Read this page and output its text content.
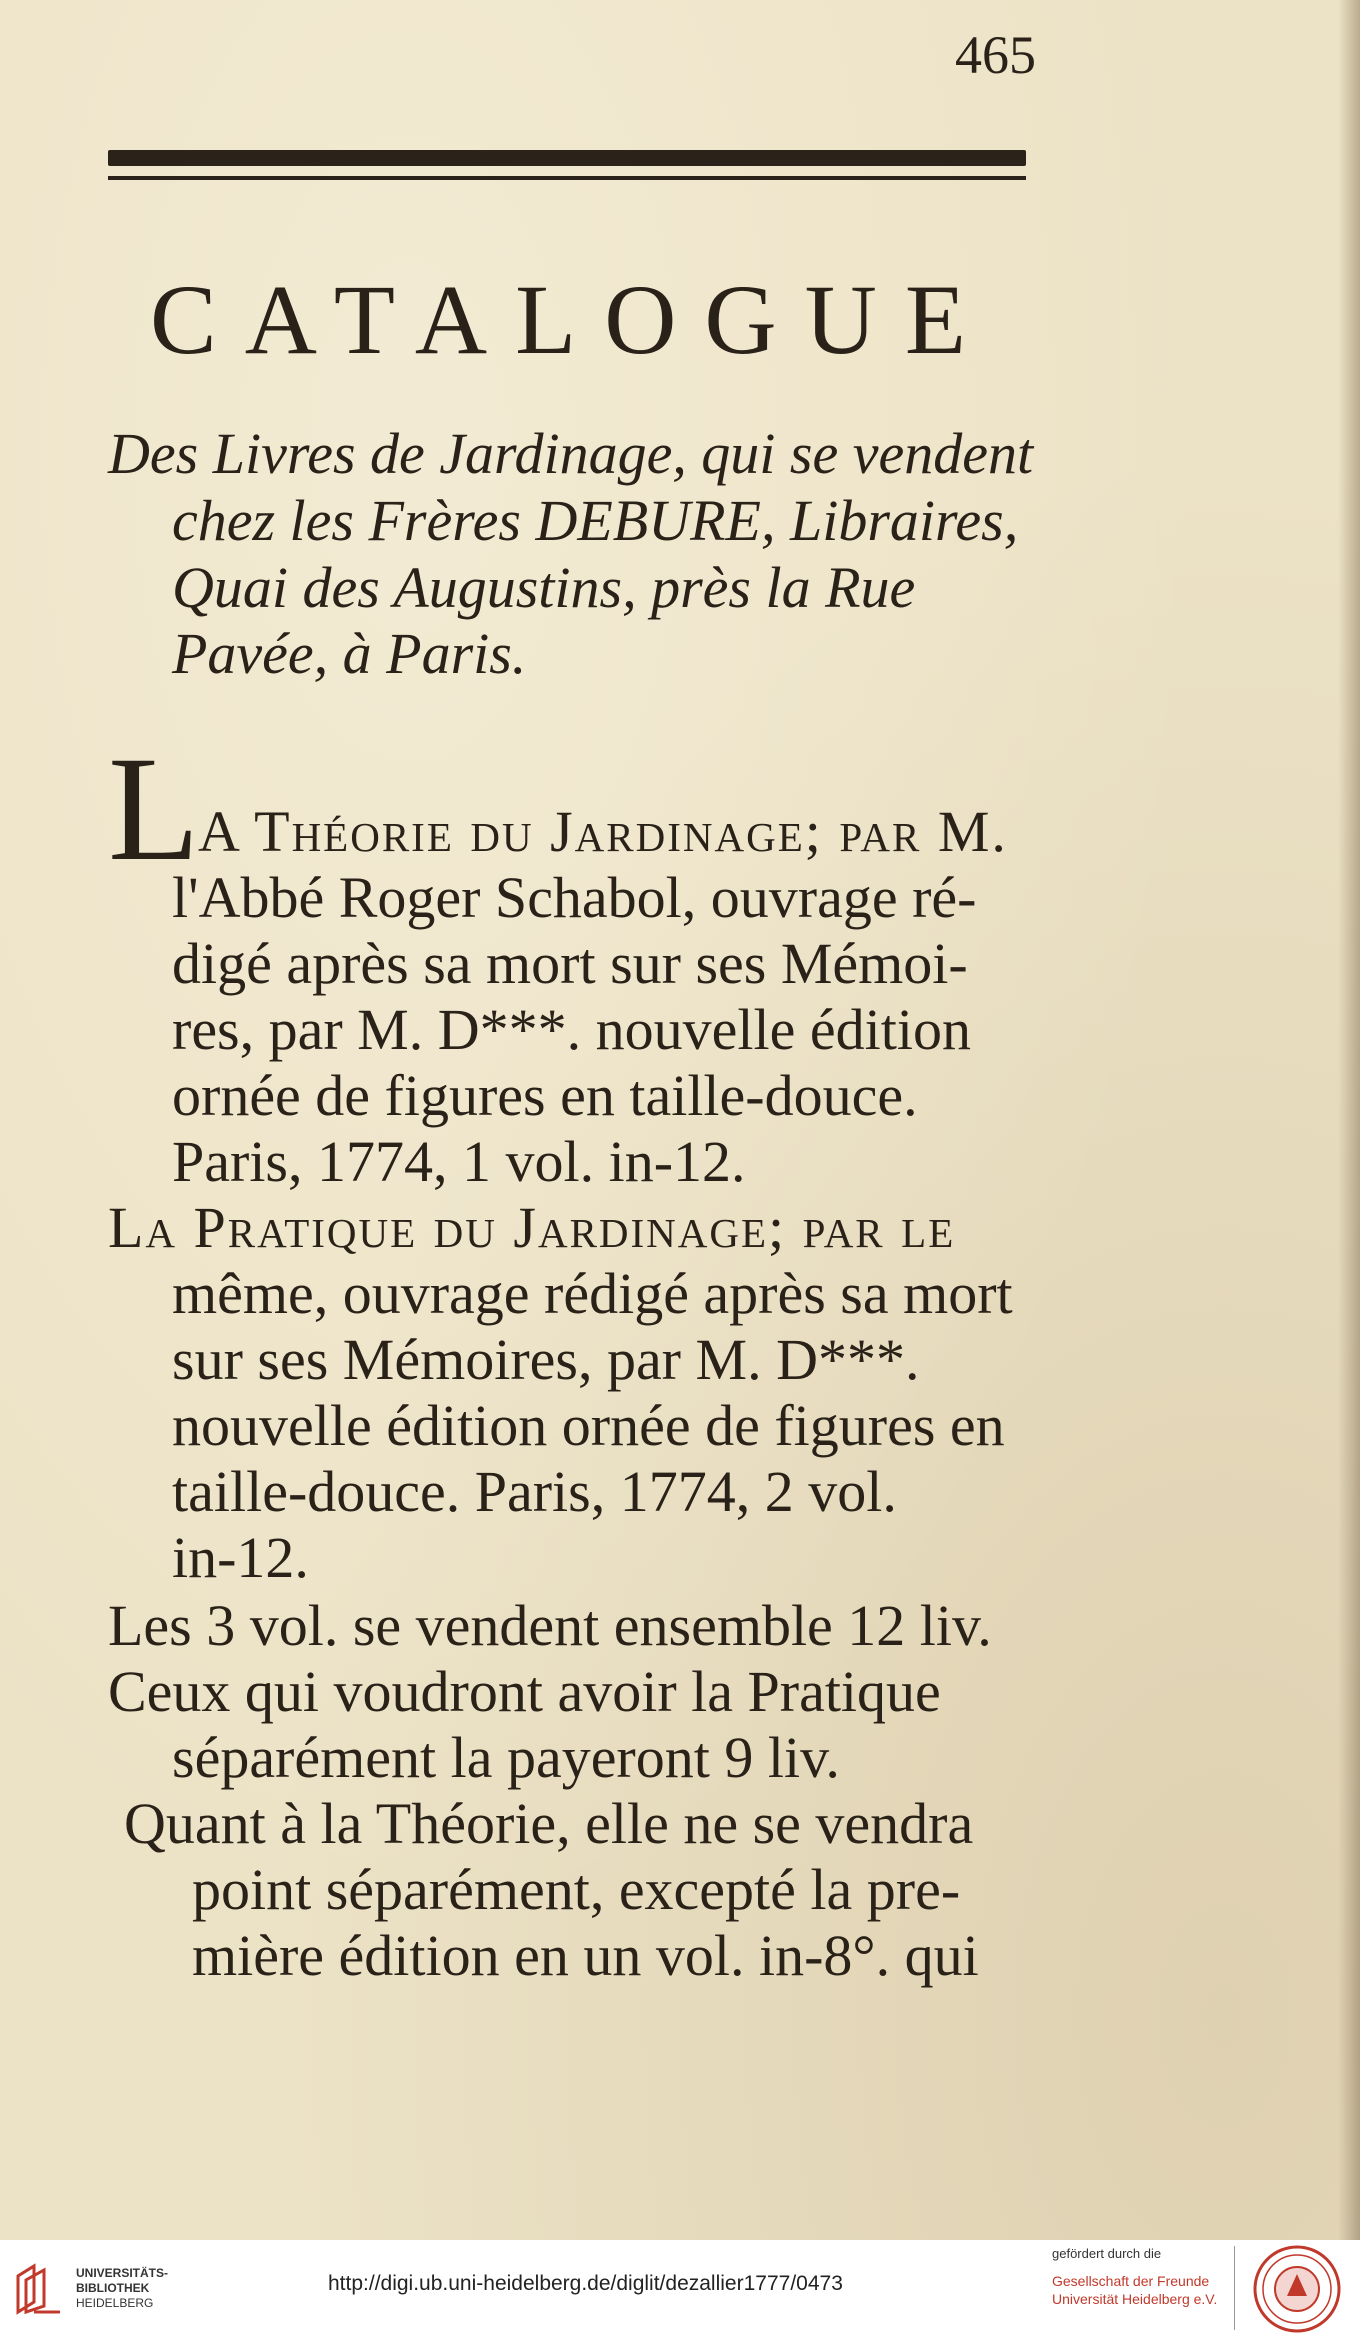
465
CATALOGUE
Des Livres de Jardinage, qui se vendent
chez les Frères DEBURE, Libraires,
Quai des Augustins, près la Rue
Pavée, à Paris.
L
A Théorie du Jardinage; par M.
l'Abbé Roger Schabol, ouvrage ré-
digé après sa mort sur ses Mémoi-
res, par M. D***. nouvelle édition
ornée de figures en taille-douce.
Paris, 1774, 1 vol. in-12.
La Pratique du Jardinage; par le
même, ouvrage rédigé après sa mort
sur ses Mémoires, par M. D***.
nouvelle édition ornée de figures en
taille-douce. Paris, 1774, 2 vol.
in-12.
Les 3 vol. se vendent ensemble 12 liv.
Ceux qui voudront avoir la Pratique
séparément la payeront 9 liv.
Quant à la Théorie, elle ne se vendra
point séparément, excepté la pre-
mière édition en un vol. in-8°. qui
UNIVERSITÄTS-
BIBLIOTHEK
HEIDELBERG
http://digi.ub.uni-heidelberg.de/diglit/dezallier1777/0473
gefördert durch die
Gesellschaft der Freunde
Universität Heidelberg e.V.
